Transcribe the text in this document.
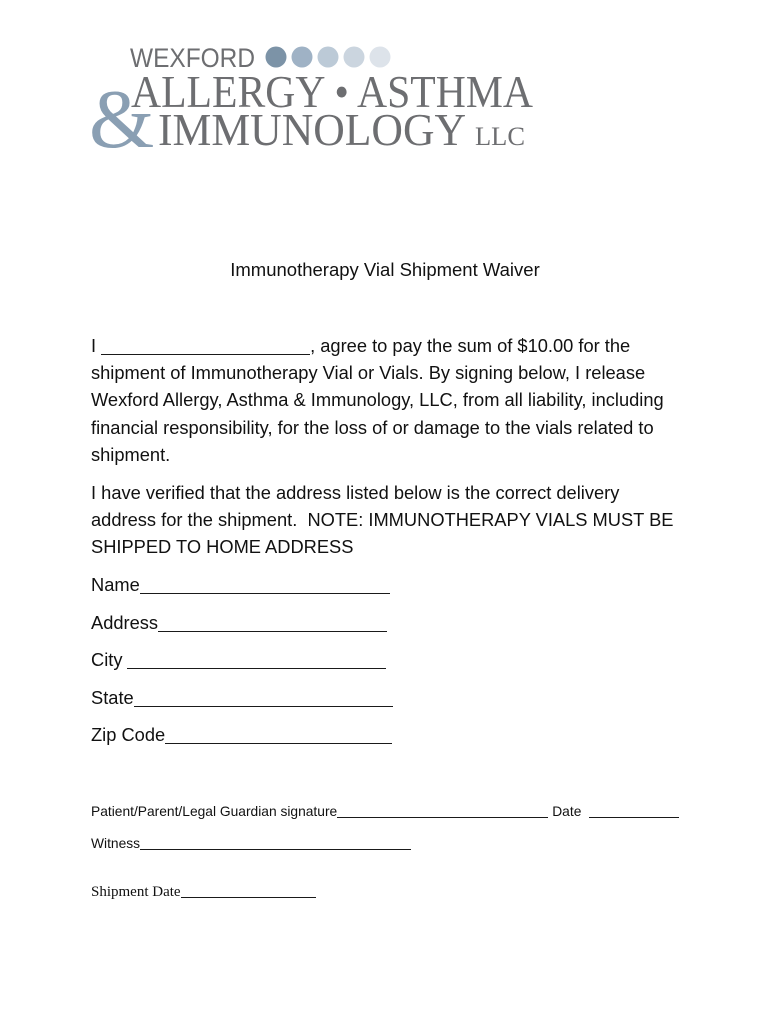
WEXFORD
ALLERGY • ASTHMA
& IMMUNOLOGY LLC
Immunotherapy Vial Shipment Waiver
I	, agree to pay the sum of $10.00 for the
shipment of Immunotherapy Vial or Vials. By signing below, I release
Wexford Allergy, Asthma & Immunology, LLC, from all liability, including
financial responsibility, for the loss of or damage to the vials related to
shipment.
I have verified that the address listed below is the correct delivery
address for the shipment.  NOTE: IMMUNOTHERAPY VIALS MUST BE
SHIPPED TO HOME ADDRESS
Name
Address
City
State
Zip Code
Patient/Parent/Legal Guardian signature	Date
Witness
Shipment Date
